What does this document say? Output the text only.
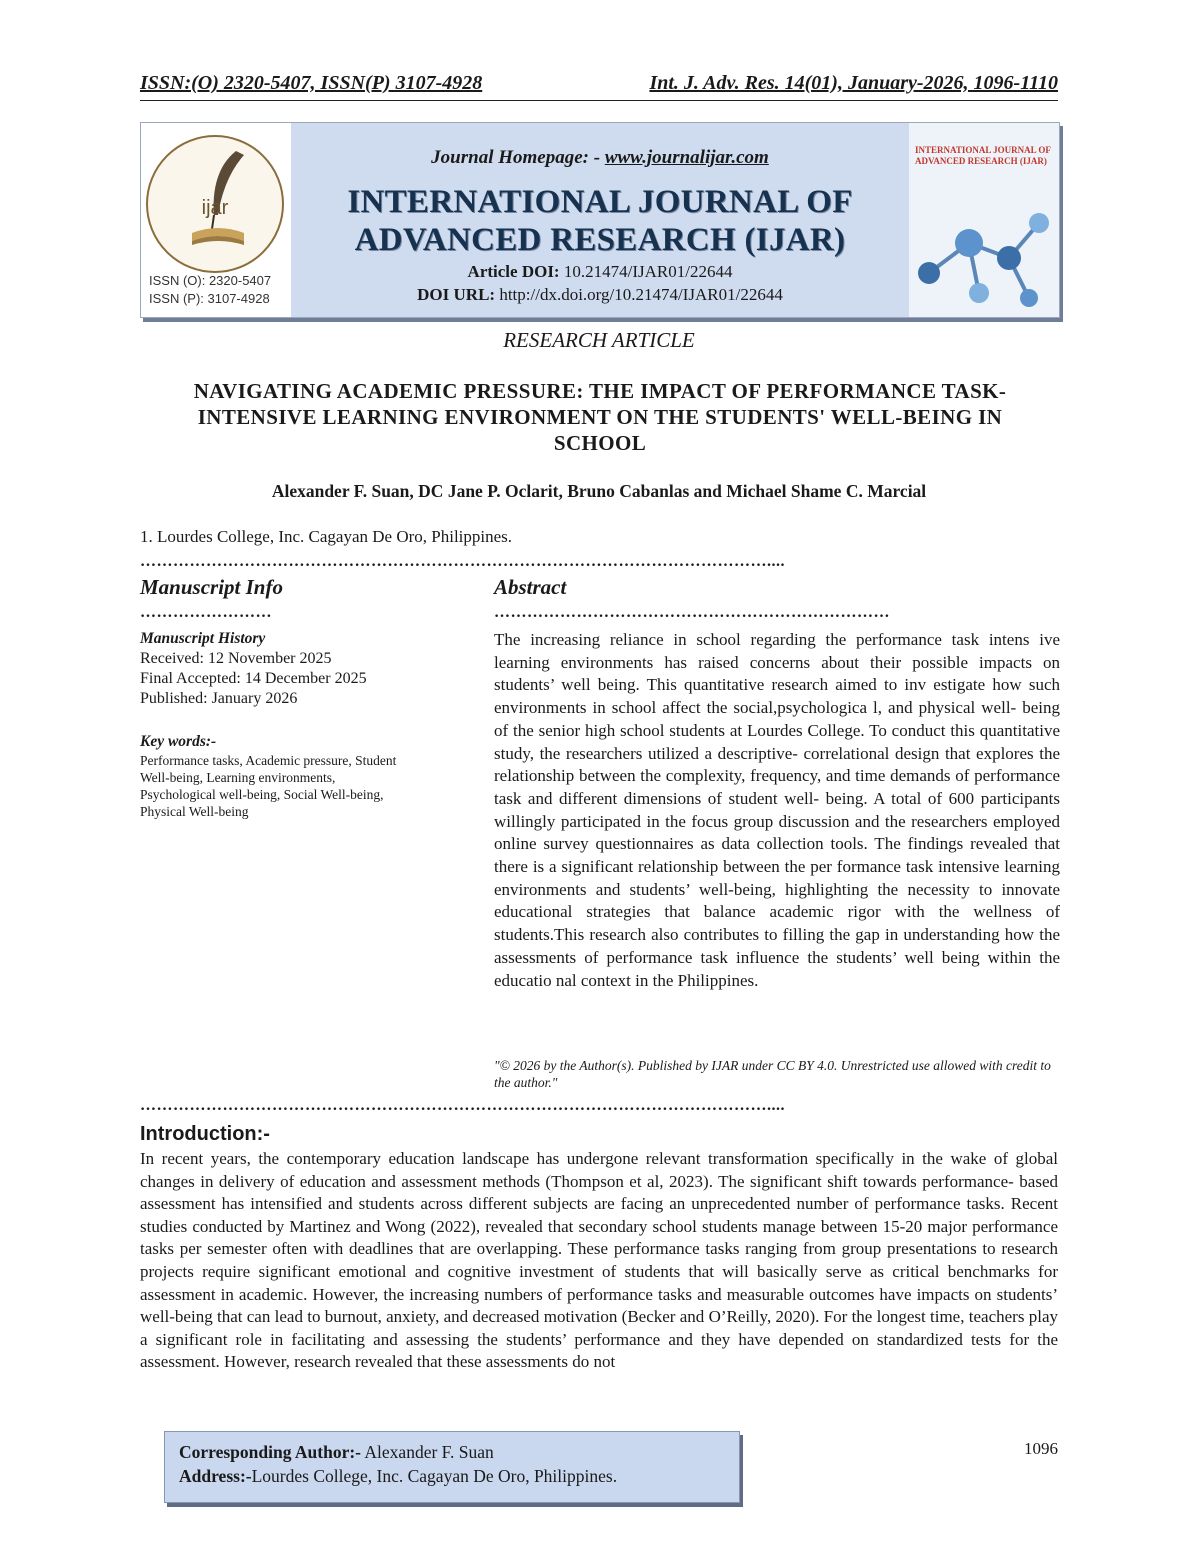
ISSN:(O) 2320-5407, ISSN(P) 3107-4928	Int. J. Adv. Res. 14(01), January-2026, 1096-1110
ijar
ISSN (O): 2320-5407
ISSN (P): 3107-4928
Journal Homepage: - www.journalijar.com
INTERNATIONAL JOURNAL OF
ADVANCED RESEARCH (IJAR)
Article DOI: 10.21474/IJAR01/22644
DOI URL: http://dx.doi.org/10.21474/IJAR01/22644
INTERNATIONAL JOURNAL OF ADVANCED RESEARCH (IJAR)
RESEARCH ARTICLE
NAVIGATING ACADEMIC PRESSURE: THE IMPACT OF PERFORMANCE TASK-INTENSIVE LEARNING ENVIRONMENT ON THE STUDENTS' WELL-BEING IN SCHOOL
Alexander F. Suan, DC Jane P. Oclarit, Bruno Cabanlas and Michael Shame C. Marcial
1. Lourdes College, Inc. Cagayan De Oro, Philippines.
……………………………………………………………………………………………………....
Manuscript Info
……………………
Manuscript History
Received: 12 November 2025
Final Accepted: 14 December 2025
Published: January 2026
Key words:-
Performance tasks, Academic pressure, Student Well-being, Learning environments, Psychological well-being, Social Well-being, Physical Well-being
Abstract
………………………………………………………………
The increasing reliance in school regarding the performance task intens ive learning environments has raised concerns about their possible impacts on students’ well being. This quantitative research aimed to inv estigate how such environments in school affect the social,psychologica l, and physical well- being of the senior high school students at Lourdes College. To conduct this quantitative study, the researchers utilized a descriptive- correlational design that explores the relationship between the complexity, frequency, and time demands of performance task and different dimensions of student well- being. A total of 600 participants willingly participated in the focus group discussion and the researchers employed online survey questionnaires as data collection tools. The findings revealed that there is a significant relationship between the per formance task intensive learning environments and students’ well-being, highlighting the necessity to innovate educational strategies that balance academic rigor with the wellness of students.This research also contributes to filling the gap in understanding how the assessments of performance task influence the students’ well being within the educatio nal context in the Philippines.
"© 2026 by the Author(s). Published by IJAR under CC BY 4.0. Unrestricted use allowed with credit to the author."
……………………………………………………………………………………………………....
Introduction:-
In recent years, the contemporary education landscape has undergone relevant transformation specifically in the wake of global changes in delivery of education and assessment methods (Thompson et al, 2023). The significant shift towards performance- based assessment has intensified and students across different subjects are facing an unprecedented number of performance tasks. Recent studies conducted by Martinez and Wong (2022), revealed that secondary school students manage between 15-20 major performance tasks per semester often with deadlines that are overlapping. These performance tasks ranging from group presentations to research projects require significant emotional and cognitive investment of students that will basically serve as critical benchmarks for assessment in academic. However, the increasing numbers of performance tasks and measurable outcomes have impacts on students’ well-being that can lead to burnout, anxiety, and decreased motivation (Becker and O’Reilly, 2020). For the longest time, teachers play a significant role in facilitating and assessing the students’ performance and they have depended on standardized tests for the assessment. However, research revealed that these assessments do not
Corresponding Author:- Alexander F. Suan
Address:-Lourdes College, Inc. Cagayan De Oro, Philippines.
1096
